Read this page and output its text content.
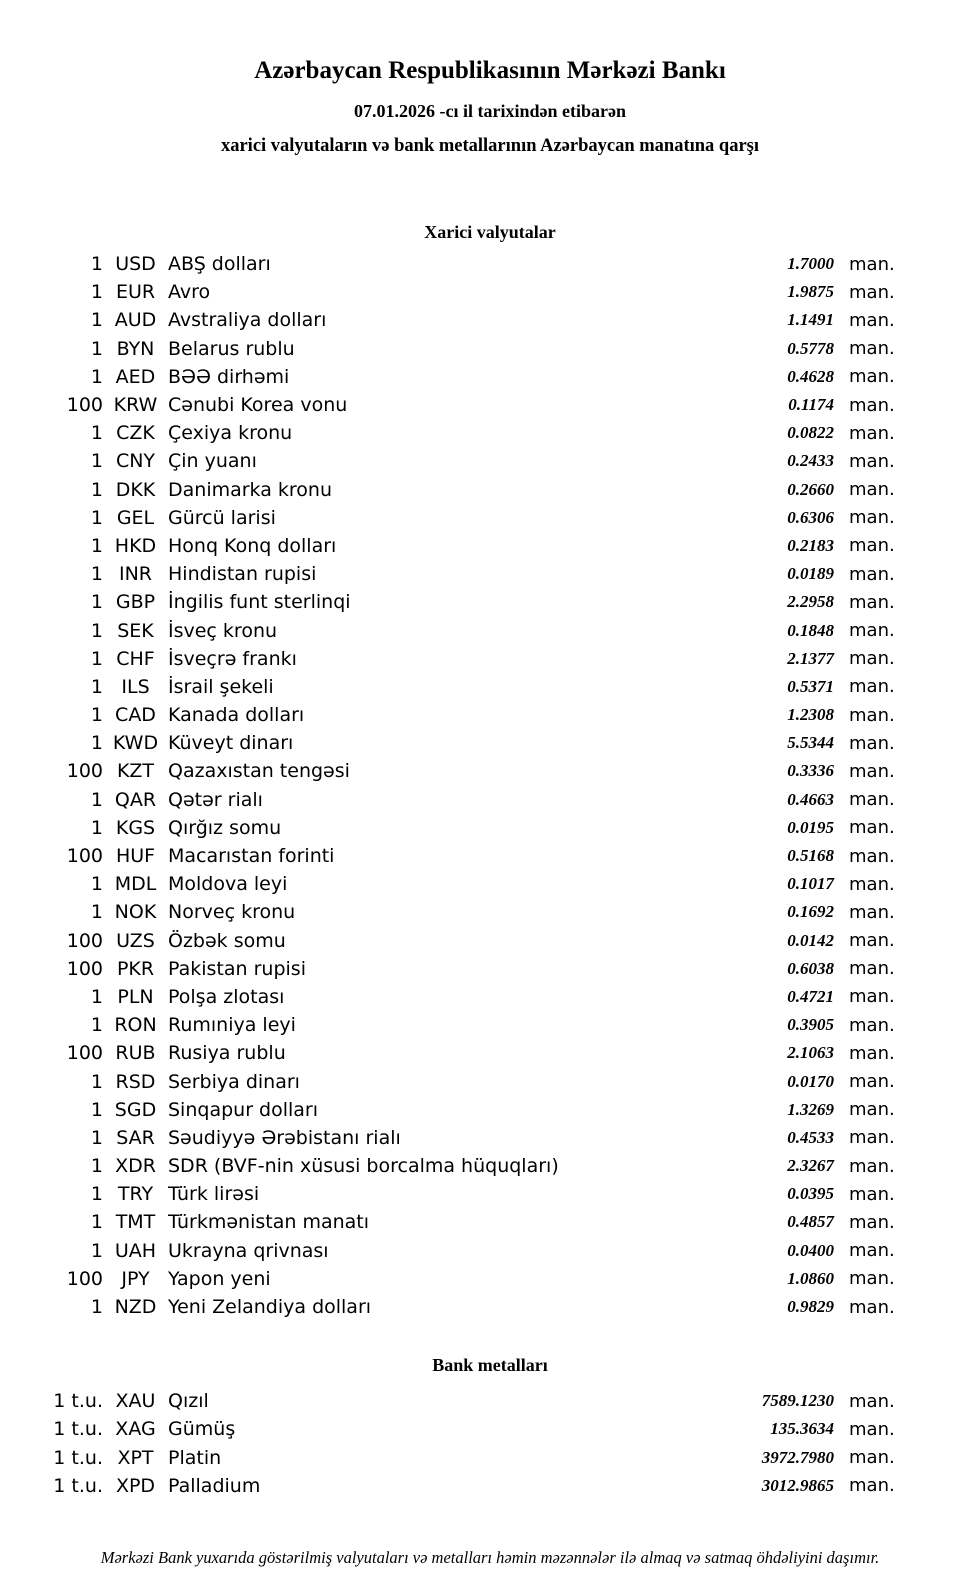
Azərbaycan Respublikasının Mərkəzi Bankı
07.01.2026 -cı il tarixindən etibarən
xarici valyutaların və bank metallarının Azərbaycan manatına qarşı
Xarici valyutalar
1 USD ABŞ dolları	1.7000 man.
1 EUR Avro	1.9875 man.
1 AUD Avstraliya dolları	1.1491 man.
1 BYN Belarus rublu	0.5778 man.
1 AED BƏƏ dirhəmi	0.4628 man.
100 KRW Cənubi Korea vonu	0.1174 man.
1 CZK Çexiya kronu	0.0822 man.
1 CNY Çin yuanı	0.2433 man.
1 DKK Danimarka kronu	0.2660 man.
1 GEL Gürcü larisi	0.6306 man.
1 HKD Honq Konq dolları	0.2183 man.
1 INR Hindistan rupisi	0.0189 man.
1 GBP İngilis funt sterlinqi	2.2958 man.
1 SEK İsveç kronu	0.1848 man.
1 CHF İsveçrə frankı	2.1377 man.
1 ILS İsrail şekeli	0.5371 man.
1 CAD Kanada dolları	1.2308 man.
1 KWD Küveyt dinarı	5.5344 man.
100 KZT Qazaxıstan tengəsi	0.3336 man.
1 QAR Qətər rialı	0.4663 man.
1 KGS Qırğız somu	0.0195 man.
100 HUF Macarıstan forinti	0.5168 man.
1 MDL Moldova leyi	0.1017 man.
1 NOK Norveç kronu	0.1692 man.
100 UZS Özbək somu	0.0142 man.
100 PKR Pakistan rupisi	0.6038 man.
1 PLN Polşa zlotası	0.4721 man.
1 RON Rumıniya leyi	0.3905 man.
100 RUB Rusiya rublu	2.1063 man.
1 RSD Serbiya dinarı	0.0170 man.
1 SGD Sinqapur dolları	1.3269 man.
1 SAR Səudiyyə Ərəbistanı rialı	0.4533 man.
1 XDR SDR (BVF-nin xüsusi borcalma hüquqları)	2.3267 man.
1 TRY Türk lirəsi	0.0395 man.
1 TMT Türkmənistan manatı	0.4857 man.
1 UAH Ukrayna qrivnası	0.0400 man.
100 JPY Yapon yeni	1.0860 man.
1 NZD Yeni Zelandiya dolları	0.9829 man.
Bank metalları
1 t.u. XAU Qızıl	7589.1230 man.
1 t.u. XAG Gümüş	135.3634 man.
1 t.u. XPT Platin	3972.7980 man.
1 t.u. XPD Palladium	3012.9865 man.
Mərkəzi Bank yuxarıda göstərilmiş valyutaları və metalları həmin məzənnələr ilə almaq və satmaq öhdəliyini daşımır.
